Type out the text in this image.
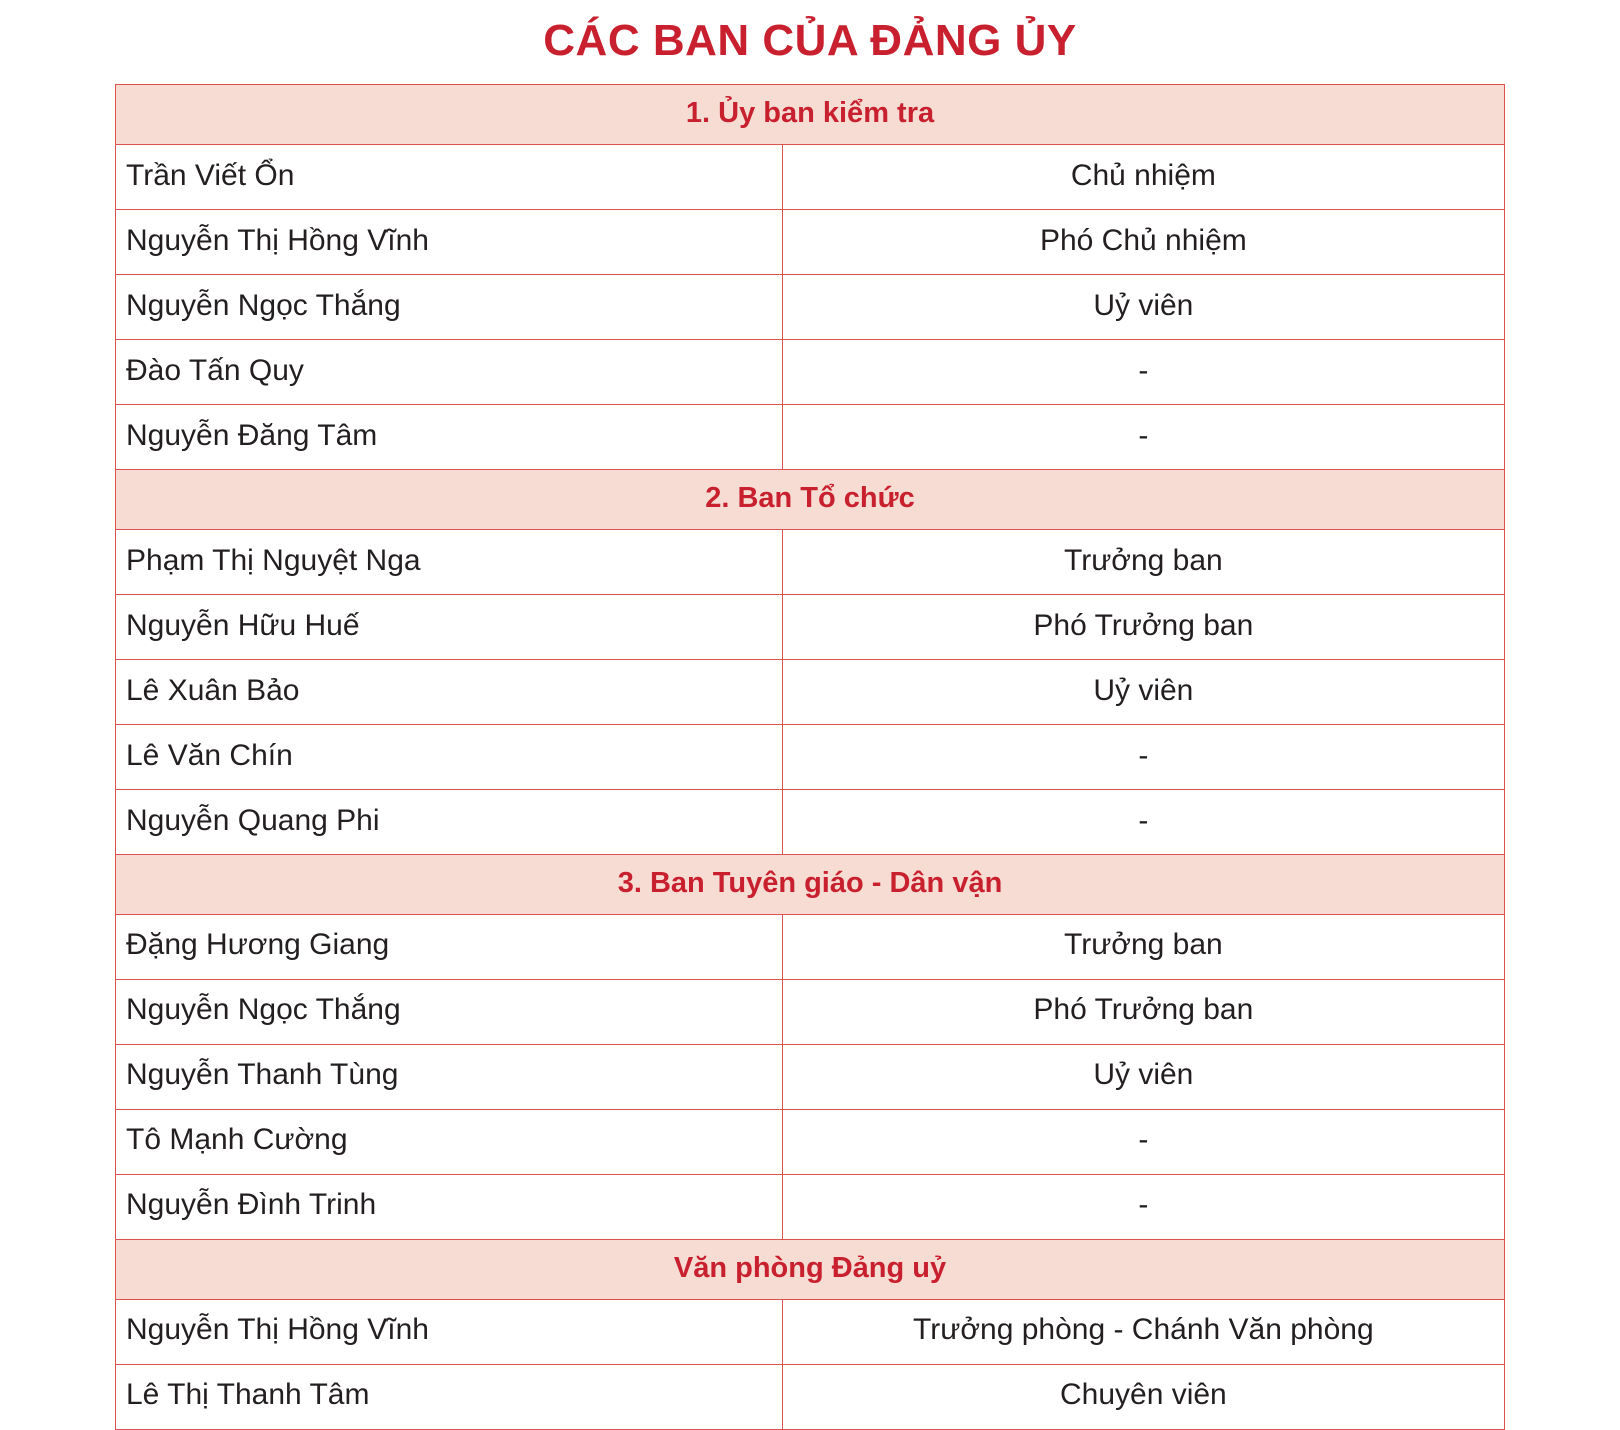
CÁC BAN CỦA ĐẢNG ỦY
1. Ủy ban kiểm tra	
Trần Viết Ổn	Chủ nhiệm
Nguyễn Thị Hồng Vĩnh	Phó Chủ nhiệm
Nguyễn Ngọc Thắng	Uỷ viên
Đào Tấn Quy	-
Nguyễn Đăng Tâm	-
2. Ban Tổ chức	
Phạm Thị Nguyệt Nga	Trưởng ban
Nguyễn Hữu Huế	Phó Trưởng ban
Lê Xuân Bảo	Uỷ viên
Lê Văn Chín	-
Nguyễn Quang Phi	-
3. Ban Tuyên giáo - Dân vận	
Đặng Hương Giang	Trưởng ban
Nguyễn Ngọc Thắng	Phó Trưởng ban
Nguyễn Thanh Tùng	Uỷ viên
Tô Mạnh Cường	-
Nguyễn Đình Trinh	-
Văn phòng Đảng uỷ	
Nguyễn Thị Hồng Vĩnh	Trưởng phòng - Chánh Văn phòng
Lê Thị Thanh Tâm	Chuyên viên
